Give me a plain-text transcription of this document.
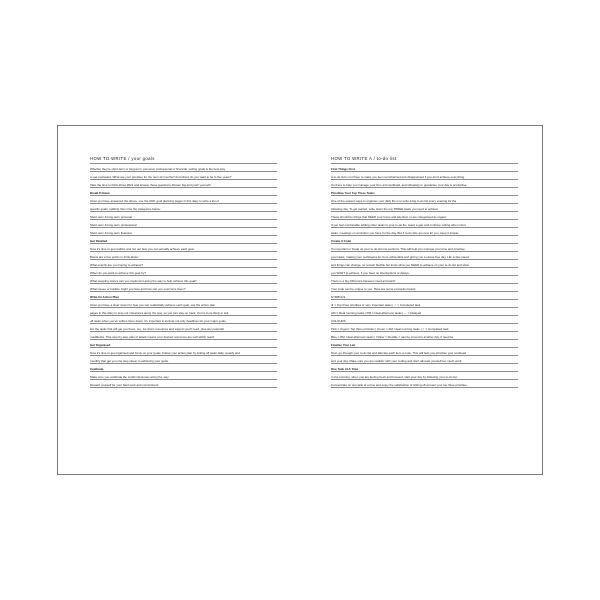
HOW TO WRITE / your goals
Whether they're short-term or long-term, personal, professional or financial, setting goals is the best way
to get motivated. What are your priorities for the next 12 months? And where do you want to be in five years?
Take the time to think about 2021 and answer these questions. Dream big and push yourself!
Break It Down
Once you have answered the above, use the 2021 goal planning pages in this diary to write a list of
specific goals, splitting them into the categories below:
Short-term & long-term personal
Short-term & long-term professional
Short-term & long-term financial
Get Detailed
Now it's time to get realistic and nut out how you can actually achieve each goal.
Below are a few points to think about:
What exactly are you hoping to achieve?
When do you want to achieve this goal by?
What stepping stones can you implement along the way to help achieve this goal?
What issues or hurdles might you face and how can you overcome them?
Write An Action Plan
Once you have a clear vision for how you can realistically achieve each goal, use the action plan
pages in this diary to map out milestones along the way, so you can stay on track. You're more likely to tick
off tasks when you've written them down. It's important to include not only deadlines for your major goals,
but the tasks that will get you there, too. Jot down resources and support you'll need, plus any potential
roadblocks. This step-by-step plan of attack means your desired outcomes are well within reach.
Get Organised
Now it's time to get organised and focus on your goals. Follow your action plan by ticking off tasks daily, weekly and
monthly that get you one step closer to achieving your goals.
Celebrate
Make sure you celebrate the small milestones along the way.
Reward yourself for your hard work and commitment.
HOW TO WRITE A / to-do list
First Things First
A to-do list is not there to make you feel overwhelmed and disappointed if you don't achieve everything.
It's there to help you manage your time and workload, and ultimately to guarantee your day is productive.
Prioritise Your Top Three Tasks
One of the easiest ways to organise your daily life is to write a big to-do list every evening for the
following day. To get started, write down the top THREE tasks you need to achieve.
These should be things that NEED your focus and attention or are categorised as urgent.
If you feel comfortable adding other tasks to your to-do list, leave a gap and continue writing other minor
tasks, meetings or reminders you have for the day. But if to-do lists are new for you, keep it simple.
Create A Code
It's important to break up your to-do list into sections. This will help you manage your time and prioritise
your tasks, making your workload a lot more achievable and giving you a stress-free day. Life is fast paced
and things can change, so remain flexible but know what you NEED to achieve on your to-do list and what
you WANT to achieve, if you have no interruptions or delays.
There is a big difference between need and want!
Your code can be unique to you. Here are some examples below:
SYMBOLS
★ = Top three priorities or very important tasks | ✓ = Completed task
AM = Ideal morning tasks | PM = Ideal afternoon tasks | → = Delayed
COLOURS
Pink = Urgent: Top three priorities | Green = AM: Ideal morning tasks | ✓ = Completed task
Blue = PM: Ideal afternoon tasks | Yellow = Flexible = can be moved to another day, if need be
Finalise Your List
Next, go through your to-do list and allocate each item a code. This will help you prioritise your workload
and your day. Make sure you are realistic with your coding and don't allocate yourself too much work.
One Task At A Time
In the morning, when you are feeling fresh and focused, start your day by following your to-do list.
Concentrate on one task at a time and enjoy the satisfaction of ticking off at least your top three priorities.
